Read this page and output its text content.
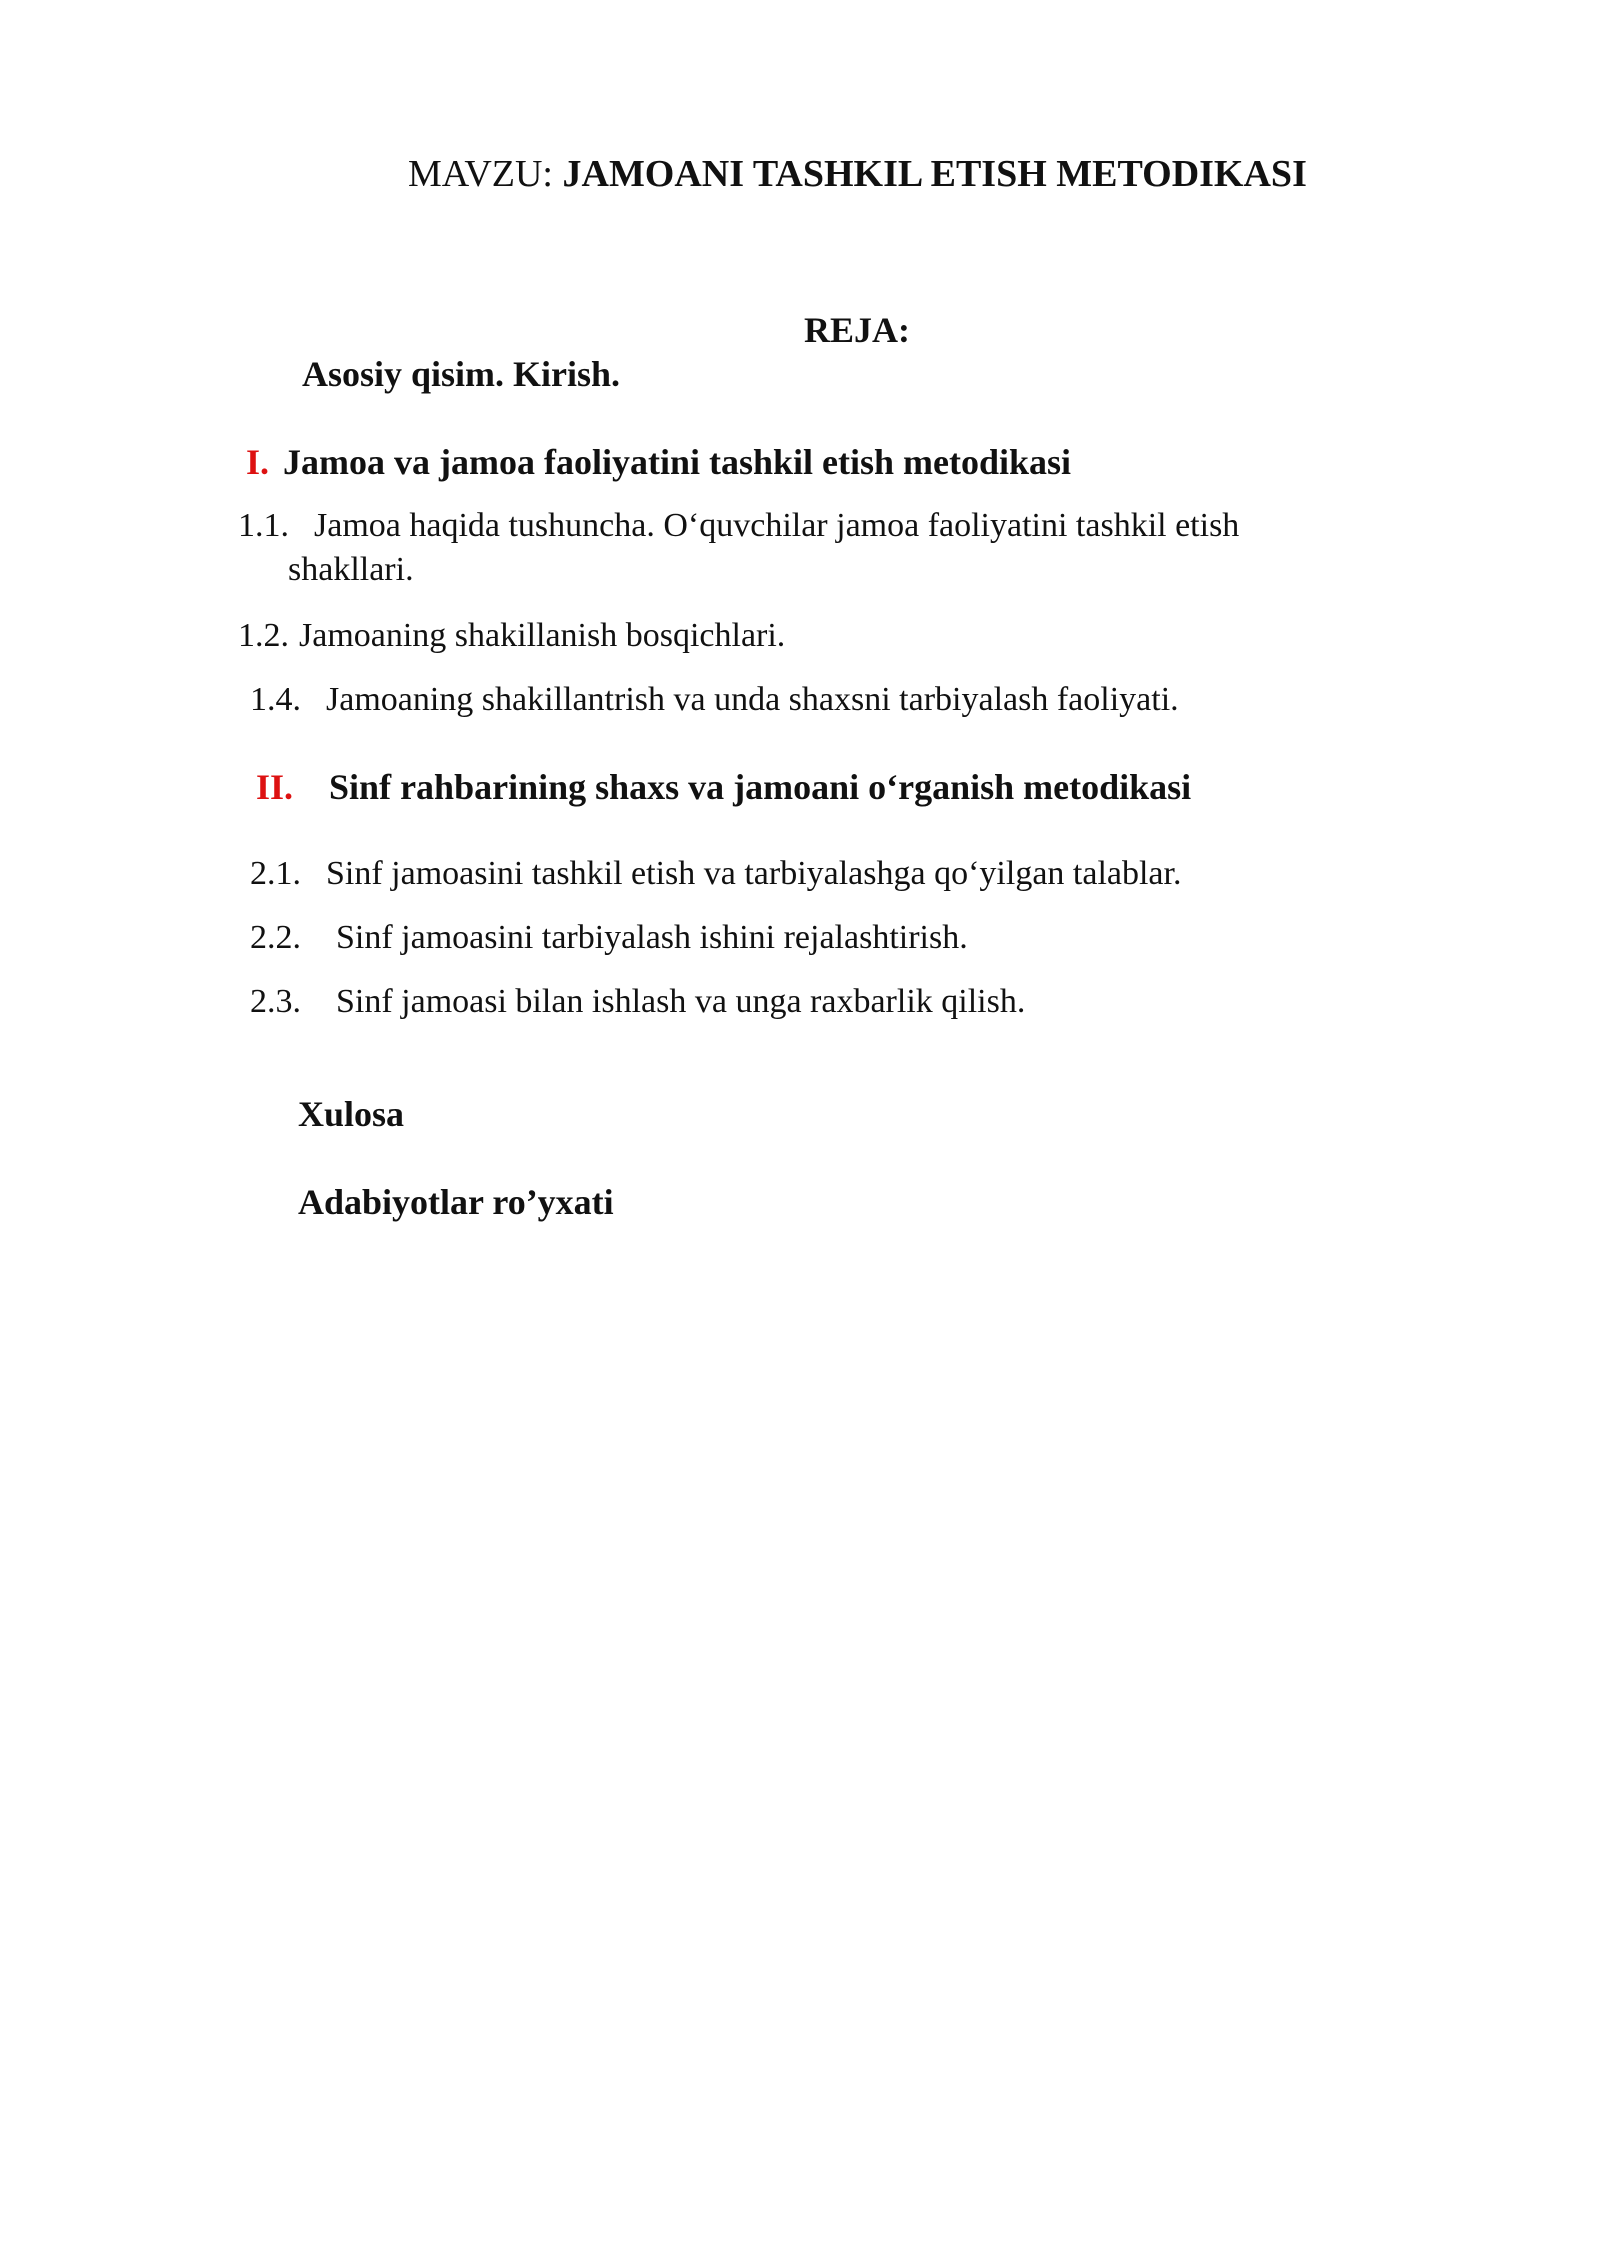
MAVZU: JAMOANI TASHKIL ETISH METODIKASI
REJA:
Asosiy qisim. Kirish.
I. Jamoa va jamoa faoliyatini tashkil etish metodikasi
1.1. Jamoa haqida tushuncha. O‘quvchilar jamoa faoliyatini tashkil etish
shakllari.
1.2. Jamoaning shakillanish bosqichlari.
1.4. Jamoaning shakillantrish va unda shaxsni tarbiyalash faoliyati.
II. Sinf rahbarining shaxs va jamoani o‘rganish metodikasi
2.1. Sinf jamoasini tashkil etish va tarbiyalashga qo‘yilgan talablar.
2.2. Sinf jamoasini tarbiyalash ishini rejalashtirish.
2.3. Sinf jamoasi bilan ishlash va unga raxbarlik qilish.
Xulosa
Adabiyotlar ro’yxati
